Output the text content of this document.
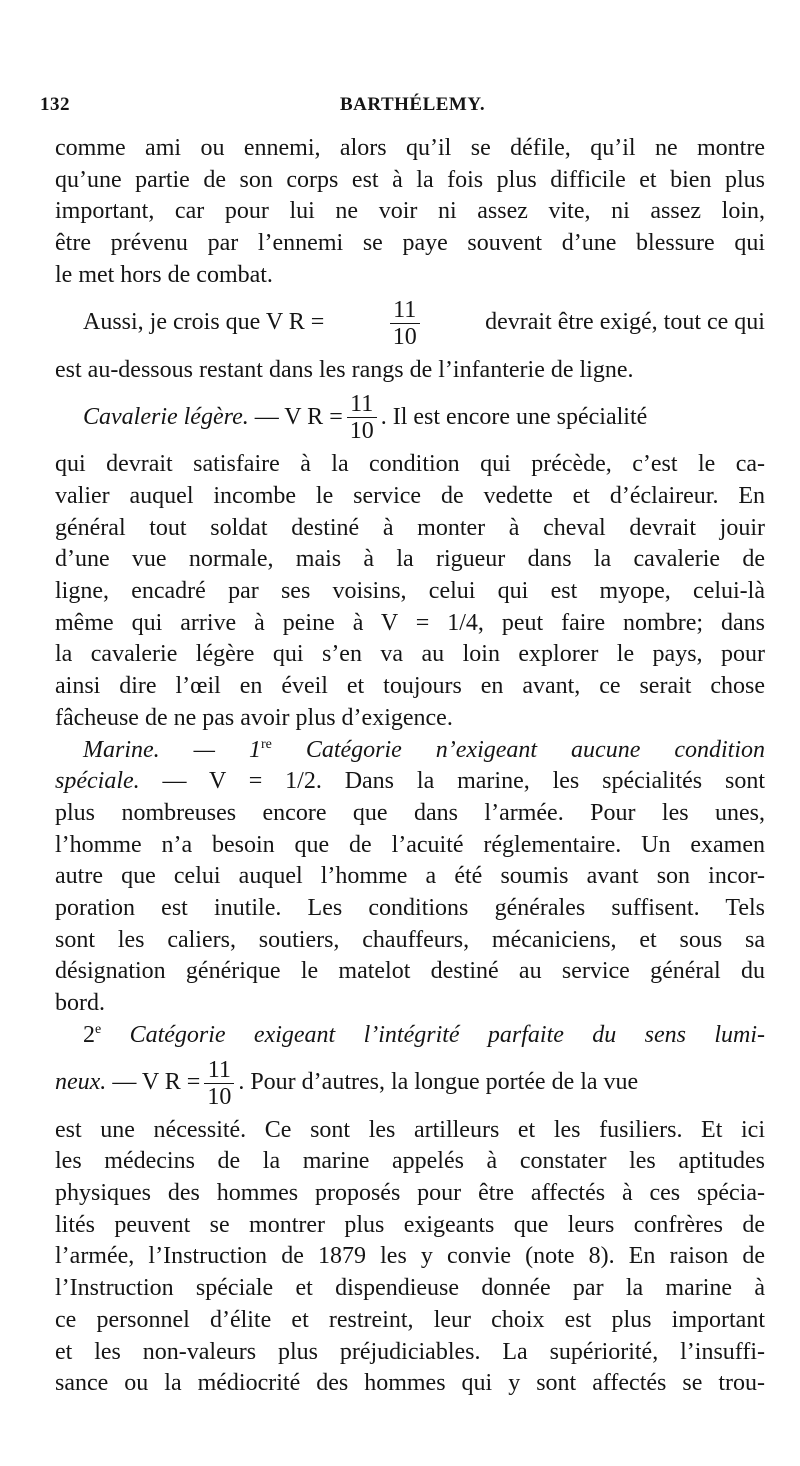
132	BARTHÉLEMY.

comme ami ou ennemi, alors qu’il se défile, qu’il ne montre

qu’une partie de son corps est à la fois plus difficile et bien plus

important, car pour lui ne voir ni assez vite, ni assez loin,

être prévenu par l’ennemi se paye souvent d’une blessure qui

le met hors de combat.

Aussi, je crois que V R =	$\frac{11}{10}$	devrait être exigé, tout ce qui

est au-dessous restant dans les rangs de l’infanterie de ligne.

Cavalerie légère. — V $R = \frac{11}{10}$ . Il est encore une spécialité

qui devrait satisfaire à la condition qui précède, c’est le ca-

valier auquel incombe le service de vedette et d’éclaireur. En

général tout soldat destiné à monter à cheval devrait jouir

d’une vue normale, mais à la rigueur dans la cavalerie de

ligne, encadré par ses voisins, celui qui est myope, celui-là

même qui arrive à peine à V = 1/4, peut faire nombre; dans

la cavalerie légère qui s’en va au loin explorer le pays, pour

ainsi dire l’œil en éveil et toujours en avant, ce serait chose

fâcheuse de ne pas avoir plus d’exigence.

Marine. — 1re Catégorie n’exigeant aucune condition

spéciale. — V = 1/2. Dans la marine, les spécialités sont

plus nombreuses encore que dans l’armée. Pour les unes,

l’homme n’a besoin que de l’acuité réglementaire. Un examen

autre que celui auquel l’homme a été soumis avant son incor-

poration est inutile. Les conditions générales suffisent. Tels

sont les caliers, soutiers, chauffeurs, mécaniciens, et sous sa

désignation générique le matelot destiné au service général du

bord.

2e Catégorie exigeant l’intégrité parfaite du sens lumi-

neux. — V $R = \frac{11}{10}$ . Pour d’autres, la longue portée de la vue

est une nécessité. Ce sont les artilleurs et les fusiliers. Et ici

les médecins de la marine appelés à constater les aptitudes

physiques des hommes proposés pour être affectés à ces spécia-

lités peuvent se montrer plus exigeants que leurs confrères de

l’armée, l’Instruction de 1879 les y convie (note 8). En raison de

l’Instruction spéciale et dispendieuse donnée par la marine à

ce personnel d’élite et restreint, leur choix est plus important

et les non-valeurs plus préjudiciables. La supériorité, l’insuffi-

sance ou la médiocrité des hommes qui y sont affectés se trou-
